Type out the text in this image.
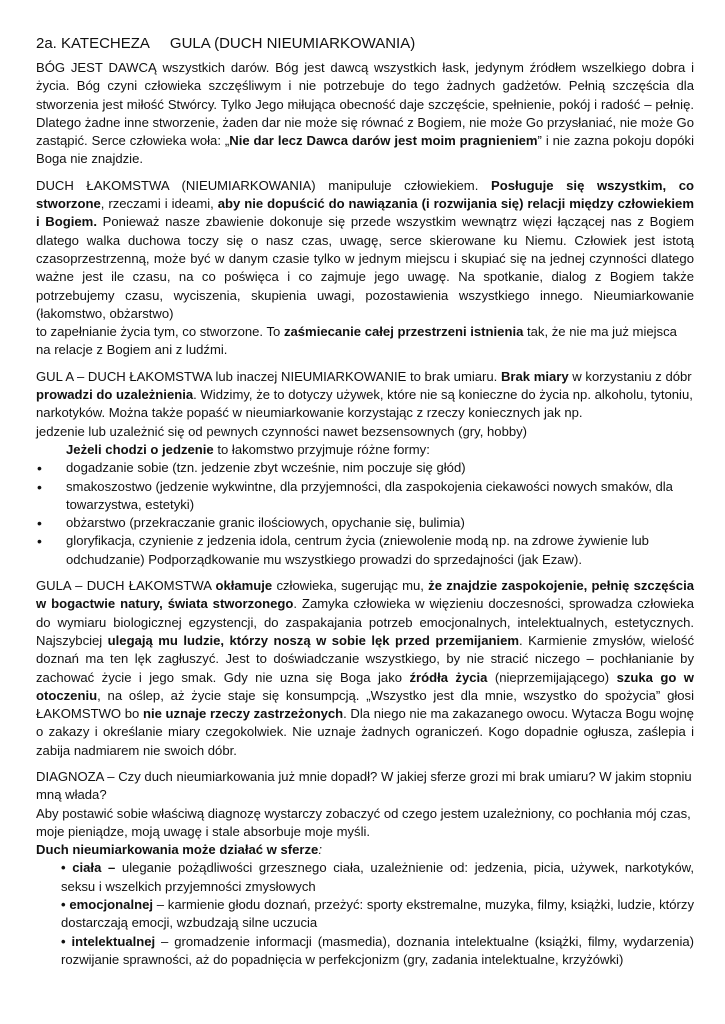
2a. KATECHEZA GULA (DUCH NIEUMIARKOWANIA)

BÓG JEST DAWCĄ wszystkich darów. Bóg jest dawcą wszystkich łask, jedynym źródłem wszelkiego dobra i życia. Bóg czyni człowieka szczęśliwym i nie potrzebuje do tego żadnych gadżetów. Pełnią szczęścia dla stworzenia jest miłość Stwórcy. Tylko Jego miłująca obecność daje szczęście, spełnienie, pokój i radość – pełnię. Dlatego żadne inne stworzenie, żaden dar nie może się równać z Bogiem, nie może Go przysłaniać, nie może Go zastąpić. Serce człowieka woła: „Nie dar lecz Dawca darów jest moim pragnieniem” i nie zazna pokoju dopóki Boga nie znajdzie.

DUCH ŁAKOMSTWA (NIEUMIARKOWANIA) manipuluje człowiekiem. Posługuje się wszystkim, co stworzone, rzeczami i ideami, aby nie dopuścić do nawiązania (i rozwijania się) relacji między człowiekiem i Bogiem. Ponieważ nasze zbawienie dokonuje się przede wszystkim wewnątrz więzi łączącej nas z Bogiem dlatego walka duchowa toczy się o nasz czas, uwagę, serce skierowane ku Niemu. Człowiek jest istotą czasoprzestrzenną, może być w danym czasie tylko w jednym miejscu i skupiać się na jednej czynności dlatego ważne jest ile czasu, na co poświęca i co zajmuje jego uwagę. Na spotkanie, dialog z Bogiem także potrzebujemy czasu, wyciszenia, skupienia uwagi, pozostawienia wszystkiego innego. Nieumiarkowanie (łakomstwo, obżarstwo)

to zapełnianie życia tym, co stworzone. To zaśmiecanie całej przestrzeni istnienia tak, że nie ma już miejsca na relacje z Bogiem ani z ludźmi.

GUL A – DUCH ŁAKOMSTWA lub inaczej NIEUMIARKOWANIE to brak umiaru. Brak miary w korzystaniu z dóbr prowadzi do uzależnienia. Widzimy, że to dotyczy używek, które nie są konieczne do życia np. alkoholu, tytoniu, narkotyków. Można także popaść w nieumiarkowanie korzystając z rzeczy koniecznych jak np.

jedzenie lub uzależnić się od pewnych czynności nawet bezsensownych (gry, hobby)

Jeżeli chodzi o jedzenie to łakomstwo przyjmuje różne formy:

• dogadzanie sobie (tzn. jedzenie zbyt wcześnie, nim poczuje się głód)
• smakoszostwo (jedzenie wykwintne, dla przyjemności, dla zaspokojenia ciekawości nowych smaków, dla towarzystwa, estetyki)
• obżarstwo (przekraczanie granic ilościowych, opychanie się, bulimia)
• gloryfikacja, czynienie z jedzenia idola, centrum życia (zniewolenie modą np. na zdrowe żywienie lub odchudzanie) Podporządkowanie mu wszystkiego prowadzi do sprzedajności (jak Ezaw).

GULA – DUCH ŁAKOMSTWA okłamuje człowieka, sugerując mu, że znajdzie zaspokojenie, pełnię szczęścia w bogactwie natury, świata stworzonego. Zamyka człowieka w więzieniu doczesności, sprowadza człowieka do wymiaru biologicznej egzystencji, do zaspakajania potrzeb emocjonalnych, intelektualnych, estetycznych. Najszybciej ulegają mu ludzie, którzy noszą w sobie lęk przed przemijaniem. Karmienie zmysłów, wielość doznań ma ten lęk zagłuszyć. Jest to doświadczanie wszystkiego, by nie stracić niczego – pochłanianie by zachować życie i jego smak. Gdy nie uzna się Boga jako źródła życia (nieprzemijającego) szuka go w otoczeniu, na oślep, aż życie staje się konsumpcją. „Wszystko jest dla mnie, wszystko do spożycia” głosi ŁAKOMSTWO bo nie uznaje rzeczy zastrzeżonych. Dla niego nie ma zakazanego owocu. Wytacza Bogu wojnę o zakazy i określanie miary czegokolwiek. Nie uznaje żadnych ograniczeń. Kogo dopadnie ogłusza, zaślepia i zabija nadmiarem nie swoich dóbr.

DIAGNOZA – Czy duch nieumiarkowania już mnie dopadł? W jakiej sferze grozi mi brak umiaru? W jakim stopniu mną włada?

Aby postawić sobie właściwą diagnozę wystarczy zobaczyć od czego jestem uzależniony, co pochłania mój czas, moje pieniądze, moją uwagę i stale absorbuje moje myśli.

Duch nieumiarkowania może działać w sferze:

• ciała – uleganie pożądliwości grzesznego ciała, uzależnienie od: jedzenia, picia, używek, narkotyków, seksu i wszelkich przyjemności zmysłowych
• emocjonalnej – karmienie głodu doznań, przeżyć: sporty ekstremalne, muzyka, filmy, książki, ludzie, którzy dostarczają emocji, wzbudzają silne uczucia
• intelektualnej – gromadzenie informacji (masmedia), doznania intelektualne (książki, filmy, wydarzenia) rozwijanie sprawności, aż do popadnięcia w perfekcjonizm (gry, zadania intelektualne, krzyżówki)
